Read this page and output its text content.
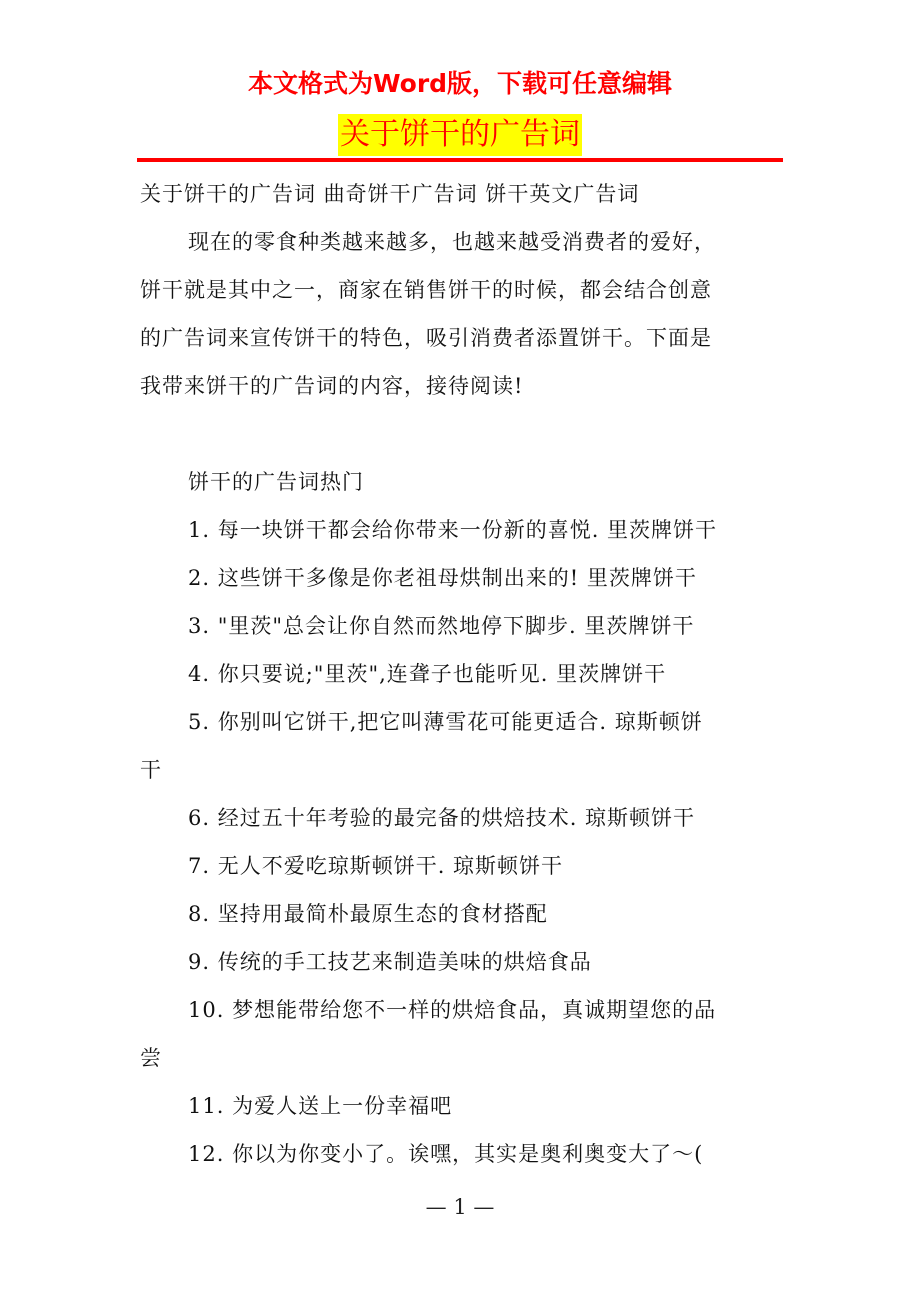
本文格式为Word版，下载可任意编辑
关于饼干的广告词
关于饼干的广告词 曲奇饼干广告词 饼干英文广告词
现在的零食种类越来越多，也越来越受消费者的爱好，
饼干就是其中之一，商家在销售饼干的时候，都会结合创意
的广告词来宣传饼干的特色，吸引消费者添置饼干。下面是
我带来饼干的广告词的内容，接待阅读!
饼干的广告词热门
1. 每一块饼干都会给你带来一份新的喜悦. 里茨牌饼干
2. 这些饼干多像是你老祖母烘制出来的! 里茨牌饼干
3. "里茨"总会让你自然而然地停下脚步. 里茨牌饼干
4. 你只要说;"里茨",连聋子也能听见. 里茨牌饼干
5. 你别叫它饼干,把它叫薄雪花可能更适合. 琼斯顿饼
干
6. 经过五十年考验的最完备的烘焙技术. 琼斯顿饼干
7. 无人不爱吃琼斯顿饼干. 琼斯顿饼干
8. 坚持用最简朴最原生态的食材搭配
9. 传统的手工技艺来制造美味的烘焙食品
10. 梦想能带给您不一样的烘焙食品，真诚期望您的品
尝
11. 为爱人送上一份幸福吧
12. 你以为你变小了。诶嘿，其实是奥利奥变大了～(
— 1 —
